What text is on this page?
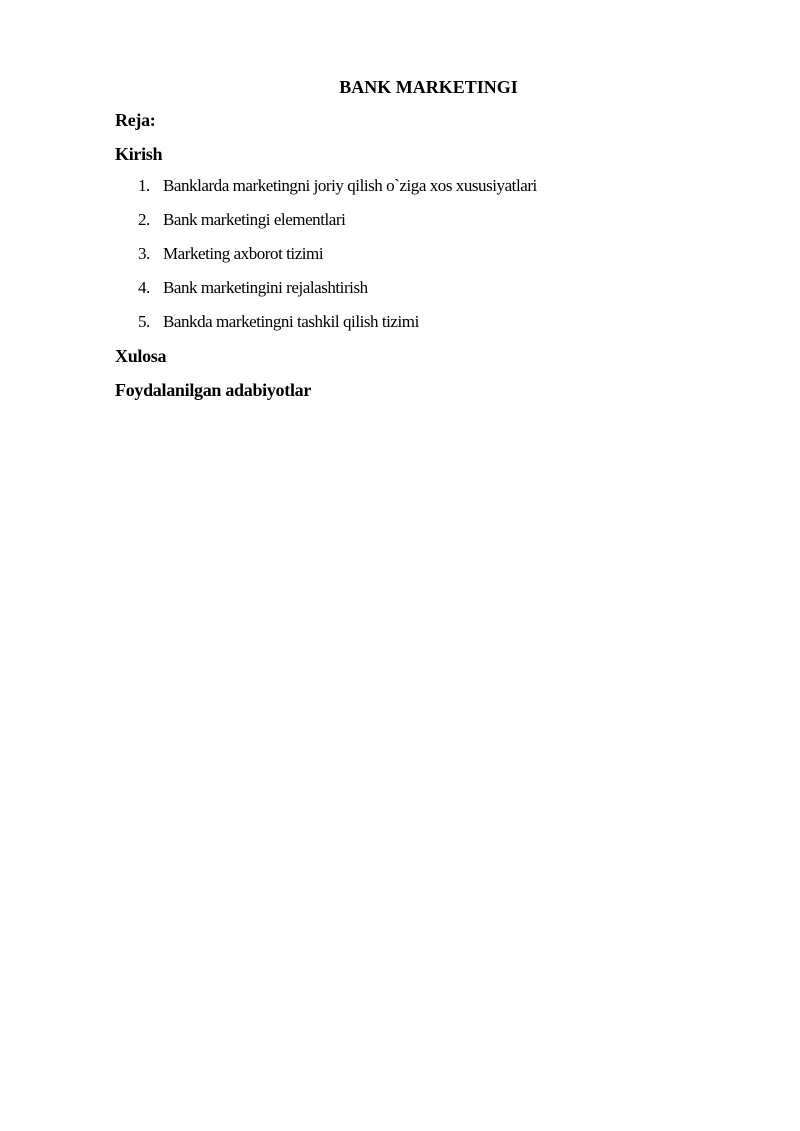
BANK MARKETINGI
Reja:
Kirish
1. Banklarda marketingni joriy qilish o`ziga xos xususiyatlari
2. Bank marketingi elementlari
3. Marketing axborot tizimi
4. Bank marketingini rejalashtirish
5. Bankda marketingni tashkil qilish tizimi
Xulosa
Foydalanilgan adabiyotlar
